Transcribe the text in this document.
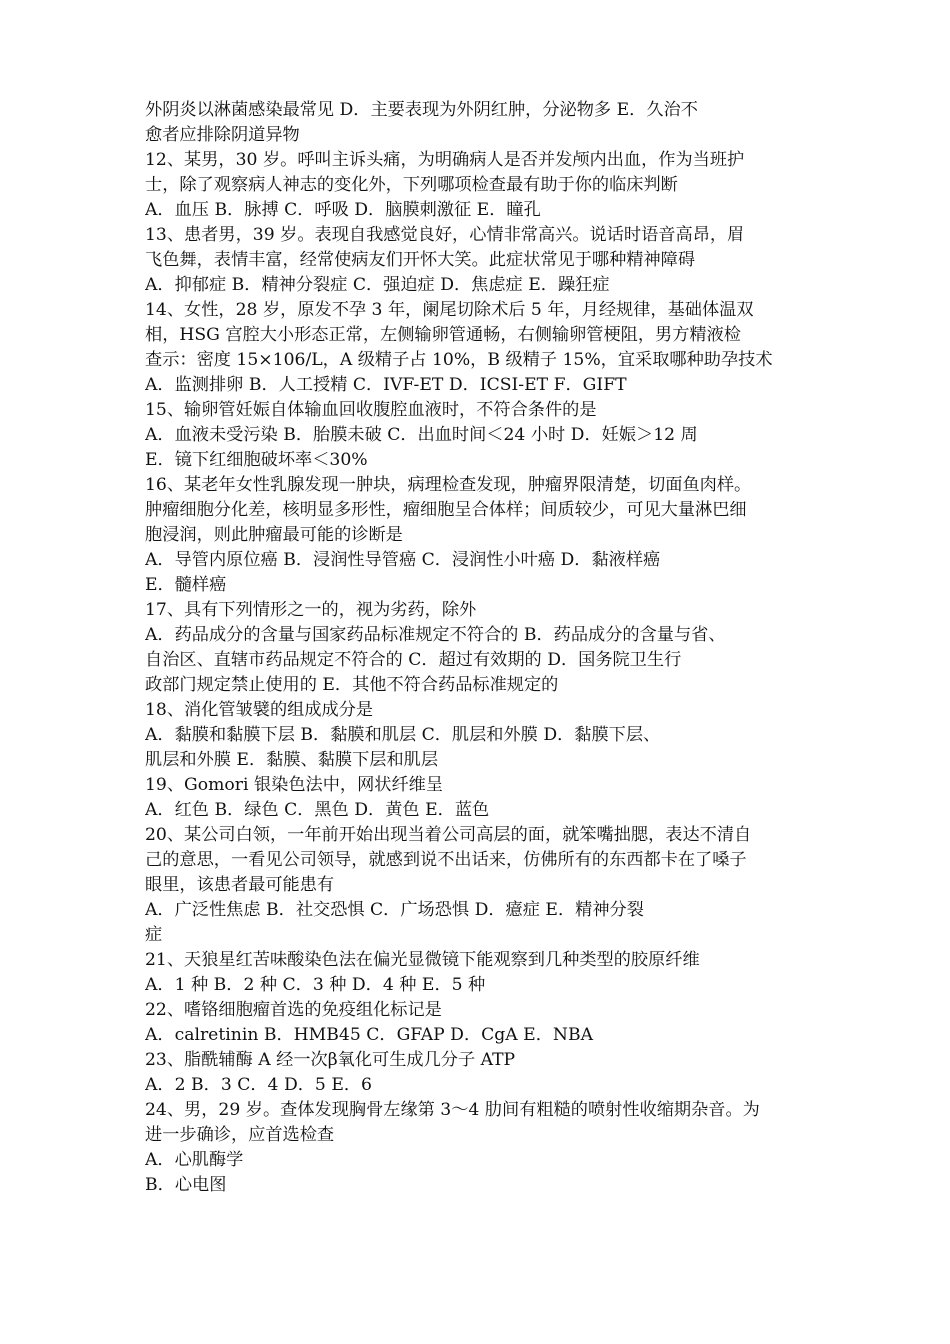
外阴炎以淋菌感染最常见 D．主要表现为外阴红肿，分泌物多 E．久治不
愈者应排除阴道异物
12、某男，30 岁。呼叫主诉头痛，为明确病人是否并发颅内出血，作为当班护
士，除了观察病人神志的变化外，下列哪项检查最有助于你的临床判断
A．血压 B．脉搏 C．呼吸 D．脑膜刺激征 E．瞳孔
13、患者男，39 岁。表现自我感觉良好，心情非常高兴。说话时语音高昂，眉
飞色舞，表情丰富，经常使病友们开怀大笑。此症状常见于哪种精神障碍
A．抑郁症 B．精神分裂症 C．强迫症 D．焦虑症 E．躁狂症
14、女性，28 岁，原发不孕 3 年，阑尾切除术后 5 年，月经规律，基础体温双
相，HSG 宫腔大小形态正常，左侧输卵管通畅，右侧输卵管梗阻，男方精液检
查示：密度 15×106/L，A 级精子占 10%，B 级精子 15%，宜采取哪种助孕技术
A．监测排卵 B．人工授精 C．IVF-ET D．ICSI-ET F．GIFT
15、输卵管妊娠自体输血回收腹腔血液时，不符合条件的是
A．血液未受污染 B．胎膜未破 C．出血时间＜24 小时 D．妊娠＞12 周
E．镜下红细胞破坏率＜30%
16、某老年女性乳腺发现一肿块，病理检查发现，肿瘤界限清楚，切面鱼肉样。
肿瘤细胞分化差，核明显多形性，瘤细胞呈合体样；间质较少，可见大量淋巴细
胞浸润，则此肿瘤最可能的诊断是
A．导管内原位癌 B．浸润性导管癌 C．浸润性小叶癌 D．黏液样癌
E．髓样癌
17、具有下列情形之一的，视为劣药，除外
A．药品成分的含量与国家药品标准规定不符合的 B．药品成分的含量与省、
自治区、直辖市药品规定不符合的 C．超过有效期的 D．国务院卫生行
政部门规定禁止使用的 E．其他不符合药品标准规定的
18、消化管皱襞的组成成分是
A．黏膜和黏膜下层 B．黏膜和肌层 C．肌层和外膜 D．黏膜下层、
肌层和外膜 E．黏膜、黏膜下层和肌层
19、Gomori 银染色法中，网状纤维呈
A．红色 B．绿色 C．黑色 D．黄色 E．蓝色
20、某公司白领，一年前开始出现当着公司高层的面，就笨嘴拙腮，表达不清自
己的意思，一看见公司领导，就感到说不出话来，仿佛所有的东西都卡在了嗓子
眼里，该患者最可能患有
A．广泛性焦虑 B．社交恐惧 C．广场恐惧 D．癔症 E．精神分裂
症
21、天狼星红苦味酸染色法在偏光显微镜下能观察到几种类型的胶原纤维
A．1 种 B．2 种 C．3 种 D．4 种 E．5 种
22、嗜铬细胞瘤首选的免疫组化标记是
A．calretinin B．HMB45 C．GFAP D．CgA E．NBA
23、脂酰辅酶 A 经一次β氧化可生成几分子 ATP
A．2 B．3 C．4 D．5 E．6
24、男，29 岁。查体发现胸骨左缘第 3～4 肋间有粗糙的喷射性收缩期杂音。为
进一步确诊，应首选检查
A．心肌酶学
B．心电图
